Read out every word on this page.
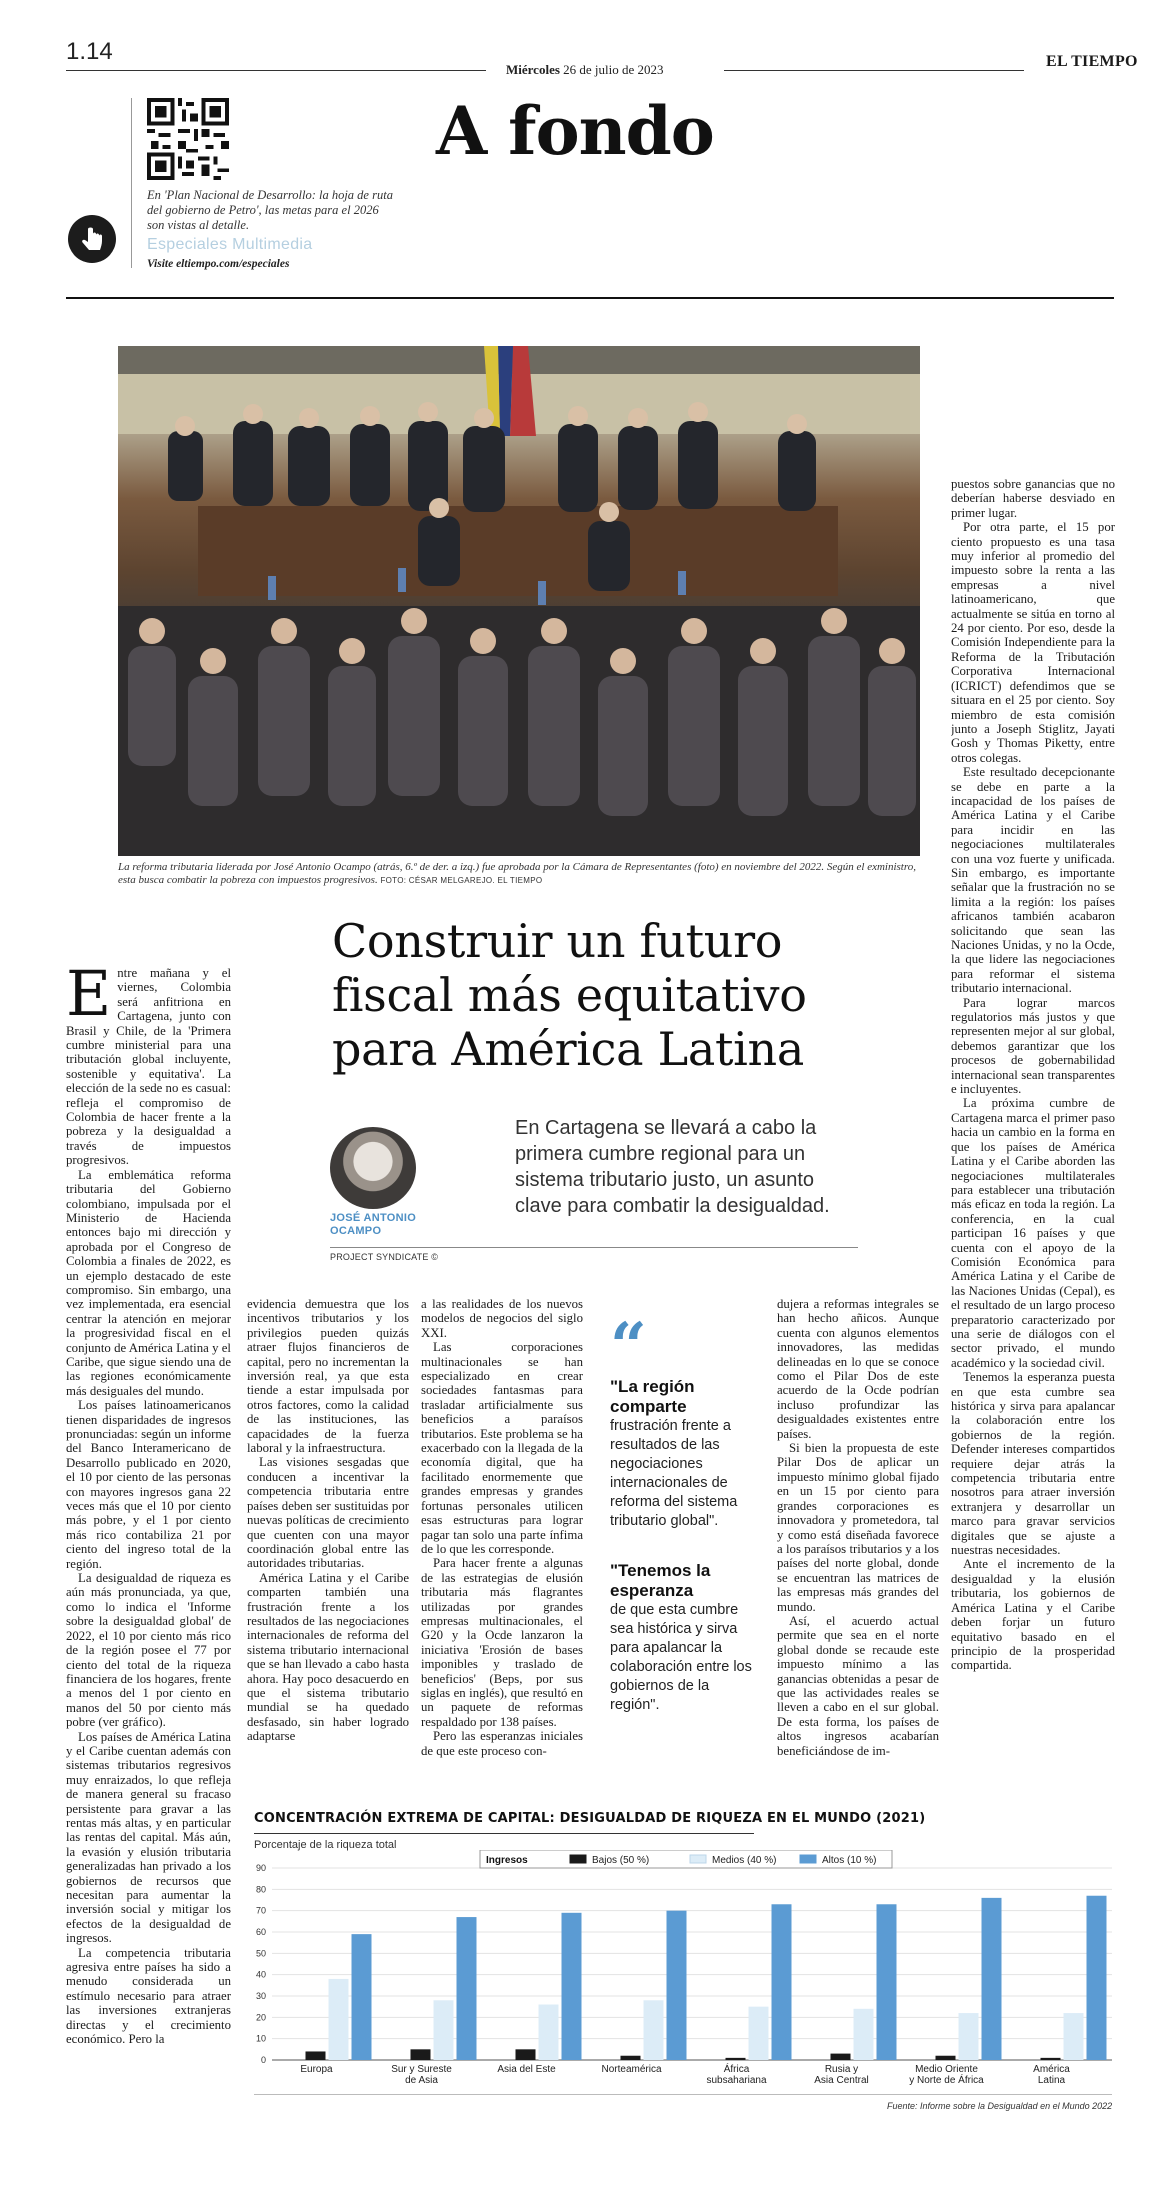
1.14
Miércoles 26 de julio de 2023	EL TIEMPO
En 'Plan Nacional de Desarrollo: la hoja de ruta del gobierno de Petro', las metas para el 2026 son vistas al detalle.
Especiales Multimedia
Visite eltiempo.com/especiales
A fondo
La reforma tributaria liderada por José Antonio Ocampo (atrás, 6.º de der. a izq.) fue aprobada por la Cámara de Representantes (foto) en noviembre del 2022. Según el exministro, esta busca combatir la pobreza con impuestos progresivos. FOTO: CÉSAR MELGAREJO. EL TIEMPO
Construir un futuro fiscal más equitativo para América Latina
JOSÉ ANTONIO OCAMPO
PROJECT SYNDICATE ©
En Cartagena se llevará a cabo la primera cumbre regional para un sistema tributario justo, un asunto clave para combatir la desigualdad.
E ntre mañana y el viernes, Colombia será anfitriona en Cartagena, junto con Brasil y Chile, de la 'Primera cumbre ministerial para una tributación global incluyente, sostenible y equitativa'. La elección de la sede no es casual: refleja el compromiso de Colombia de hacer frente a la pobreza y la desigualdad a través de impuestos progresivos.

La emblemática reforma tributaria del Gobierno colombiano, impulsada por el Ministerio de Hacienda entonces bajo mi dirección y aprobada por el Congreso de Colombia a finales de 2022, es un ejemplo destacado de este compromiso. Sin embargo, una vez implementada, era esencial centrar la atención en mejorar la progresividad fiscal en el conjunto de América Latina y el Caribe, que sigue siendo una de las regiones económicamente más desiguales del mundo.

Los países latinoamericanos tienen disparidades de ingresos pronunciadas: según un informe del Banco Interamericano de Desarrollo publicado en 2020, el 10 por ciento de las personas con mayores ingresos gana 22 veces más que el 10 por ciento más pobre, y el 1 por ciento más rico contabiliza 21 por ciento del ingreso total de la región.

La desigualdad de riqueza es aún más pronunciada, ya que, como lo indica el 'Informe sobre la desigualdad global' de 2022, el 10 por ciento más rico de la región posee el 77 por ciento del total de la riqueza financiera de los hogares, frente a menos del 1 por ciento en manos del 50 por ciento más pobre (ver gráfico).

Los países de América Latina y el Caribe cuentan además con sistemas tributarios regresivos muy enraizados, lo que refleja de manera general su fracaso persistente para gravar a las rentas más altas, y en particular las rentas del capital. Más aún, la evasión y elusión tributaria generalizadas han privado a los gobiernos de recursos que necesitan para aumentar la inversión social y mitigar los efectos de la desigualdad de ingresos.

La competencia tributaria agresiva entre países ha sido a menudo considerada un estímulo necesario para atraer las inversiones extranjeras directas y el crecimiento económico. Pero la

evidencia demuestra que los incentivos tributarios y los privilegios pueden quizás atraer flujos financieros de capital, pero no incrementan la inversión real, ya que esta tiende a estar impulsada por otros factores, como la calidad de las instituciones, las capacidades de la fuerza laboral y la infraestructura.

Las visiones sesgadas que conducen a incentivar la competencia tributaria entre países deben ser sustituidas por nuevas políticas de crecimiento que cuenten con una mayor coordinación global entre las autoridades tributarias.

América Latina y el Caribe comparten también una frustración frente a los resultados de las negociaciones internacionales de reforma del sistema tributario internacional que se han llevado a cabo hasta ahora. Hay poco desacuerdo en que el sistema tributario mundial se ha quedado desfasado, sin haber logrado adaptarse

a las realidades de los nuevos modelos de negocios del siglo XXI.

Las corporaciones multinacionales se han especializado en crear sociedades fantasmas para trasladar artificialmente sus beneficios a paraísos tributarios. Este problema se ha exacerbado con la llegada de la economía digital, que ha facilitado enormemente que grandes empresas y grandes fortunas personales utilicen esas estructuras para lograr pagar tan solo una parte ínfima de lo que les corresponde.

Para hacer frente a algunas de las estrategias de elusión tributaria más flagrantes utilizadas por grandes empresas multinacionales, el G20 y la Ocde lanzaron la iniciativa 'Erosión de bases imponibles y traslado de beneficios' (Beps, por sus siglas en inglés), que resultó en un paquete de reformas respaldado por 138 países.

Pero las esperanzas iniciales de que este proceso con-

“
"La región comparte
frustración frente a resultados de las negociaciones internacionales de reforma del sistema tributario global".
"Tenemos la esperanza
de que esta cumbre sea histórica y sirva para apalancar la colaboración entre los gobiernos de la región".

dujera a reformas integrales se han hecho añicos. Aunque cuenta con algunos elementos innovadores, las medidas delineadas en lo que se conoce como el Pilar Dos de este acuerdo de la Ocde podrían incluso profundizar las desigualdades existentes entre países.

Si bien la propuesta de este Pilar Dos de aplicar un impuesto mínimo global fijado en un 15 por ciento para grandes corporaciones es innovadora y prometedora, tal y como está diseñada favorece a los paraísos tributarios y a los países del norte global, donde se encuentran las matrices de las empresas más grandes del mundo.

Así, el acuerdo actual permite que sea en el norte global donde se recaude este impuesto mínimo a las ganancias obtenidas a pesar de que las actividades reales se lleven a cabo en el sur global. De esta forma, los países de altos ingresos acabarían beneficiándose de im-

puestos sobre ganancias que no deberían haberse desviado en primer lugar.

Por otra parte, el 15 por ciento propuesto es una tasa muy inferior al promedio del impuesto sobre la renta a las empresas a nivel latinoamericano, que actualmente se sitúa en torno al 24 por ciento. Por eso, desde la Comisión Independiente para la Reforma de la Tributación Corporativa Internacional (ICRICT) defendimos que se situara en el 25 por ciento. Soy miembro de esta comisión junto a Joseph Stiglitz, Jayati Gosh y Thomas Piketty, entre otros colegas.

Este resultado decepcionante se debe en parte a la incapacidad de los países de América Latina y el Caribe para incidir en las negociaciones multilaterales con una voz fuerte y unificada. Sin embargo, es importante señalar que la frustración no se limita a la región: los países africanos también acabaron solicitando que sean las Naciones Unidas, y no la Ocde, la que lidere las negociaciones para reformar el sistema tributario internacional.

Para lograr marcos regulatorios más justos y que representen mejor al sur global, debemos garantizar que los procesos de gobernabilidad internacional sean transparentes e incluyentes.

La próxima cumbre de Cartagena marca el primer paso hacia un cambio en la forma en que los países de América Latina y el Caribe aborden las negociaciones multilaterales para establecer una tributación más eficaz en toda la región. La conferencia, en la cual participan 16 países y que cuenta con el apoyo de la Comisión Económica para América Latina y el Caribe de las Naciones Unidas (Cepal), es el resultado de un largo proceso preparatorio caracterizado por una serie de diálogos con el sector privado, el mundo académico y la sociedad civil.

Tenemos la esperanza puesta en que esta cumbre sea histórica y sirva para apalancar la colaboración entre los gobiernos de la región. Defender intereses compartidos requiere dejar atrás la competencia tributaria entre nosotros para atraer inversión extranjera y desarrollar un marco para gravar servicios digitales que se ajuste a nuestras necesidades.

Ante el incremento de la desigualdad y la elusión tributaria, los gobiernos de América Latina y el Caribe deben forjar un futuro equitativo basado en el principio de la prosperidad compartida.

CONCENTRACIÓN EXTREMA DE CAPITAL: DESIGUALDAD DE RIQUEZA EN EL MUNDO (2021)
Porcentaje de la riqueza total
0
10
20
30
40
50
60
70
80
90
Europa	Sur y Sureste
de Asia
Asia del Este	Norteamérica	África
subsahariana
Rusia y
Asia Central
Medio Oriente
y Norte de África
América
Latina
Ingresos	Bajos (50 %)	Medios (40 %)	Altos (10 %)
Fuente: Informe sobre la Desigualdad en el Mundo 2022
